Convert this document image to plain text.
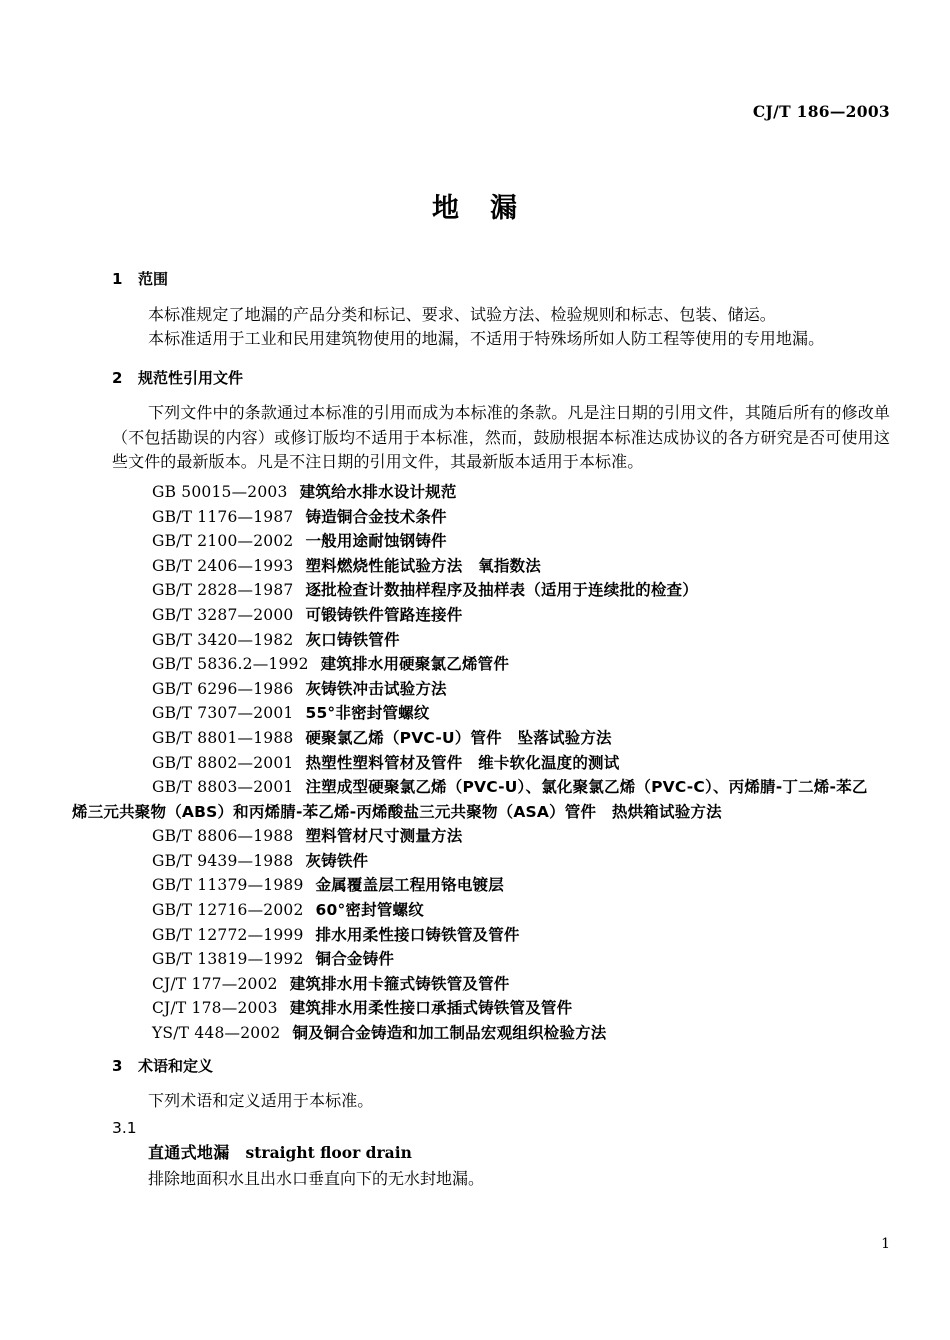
CJ/T 186—2003
地 漏
1 范围

本标准规定了地漏的产品分类和标记、要求、试验方法、检验规则和标志、包装、储运。

本标准适用于工业和民用建筑物使用的地漏，不适用于特殊场所如人防工程等使用的专用地漏。

2 规范性引用文件

下列文件中的条款通过本标准的引用而成为本标准的条款。凡是注日期的引用文件，其随后所有的修改单（不包括勘误的内容）或修订版均不适用于本标准，然而，鼓励根据本标准达成协议的各方研究是否可使用这些文件的最新版本。凡是不注日期的引用文件，其最新版本适用于本标准。

GB 50015—2003 建筑给水排水设计规范
GB/T 1176—1987 铸造铜合金技术条件
GB/T 2100—2002 一般用途耐蚀钢铸件
GB/T 2406—1993 塑料燃烧性能试验方法　氧指数法
GB/T 2828—1987 逐批检查计数抽样程序及抽样表（适用于连续批的检查）
GB/T 3287—2000 可锻铸铁件管路连接件
GB/T 3420—1982 灰口铸铁管件
GB/T 5836.2—1992 建筑排水用硬聚氯乙烯管件
GB/T 6296—1986 灰铸铁冲击试验方法
GB/T 7307—2001 55°非密封管螺纹
GB/T 8801—1988 硬聚氯乙烯（PVC-U）管件　坠落试验方法
GB/T 8802—2001 热塑性塑料管材及管件　维卡软化温度的测试
GB/T 8803—2001 注塑成型硬聚氯乙烯（PVC-U）、氯化聚氯乙烯（PVC-C）、丙烯腈-丁二烯-苯乙
烯三元共聚物（ABS）和丙烯腈-苯乙烯-丙烯酸盐三元共聚物（ASA）管件　热烘箱试验方法
GB/T 8806—1988 塑料管材尺寸测量方法
GB/T 9439—1988 灰铸铁件
GB/T 11379—1989 金属覆盖层工程用铬电镀层
GB/T 12716—2002 60°密封管螺纹
GB/T 12772—1999 排水用柔性接口铸铁管及管件
GB/T 13819—1992 铜合金铸件
CJ/T 177—2002 建筑排水用卡箍式铸铁管及管件
CJ/T 178—2003 建筑排水用柔性接口承插式铸铁管及管件
YS/T 448—2002 铜及铜合金铸造和加工制品宏观组织检验方法
3 术语和定义

下列术语和定义适用于本标准。

3.1
直通式地漏 straight floor drain

排除地面积水且出水口垂直向下的无水封地漏。

1
